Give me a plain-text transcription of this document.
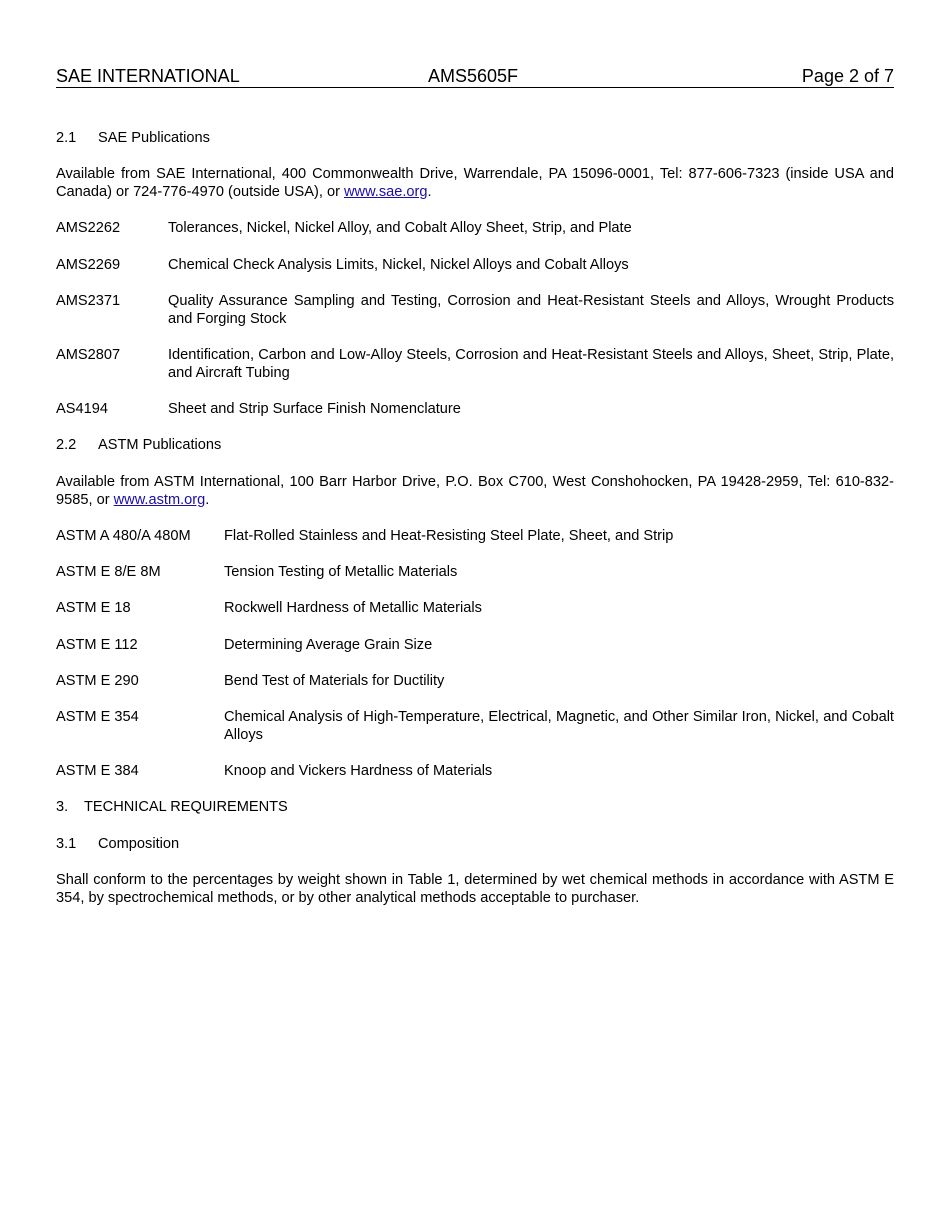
SAE INTERNATIONAL	AMS5605F	Page 2 of 7
2.1 SAE Publications
Available from SAE International, 400 Commonwealth Drive, Warrendale, PA 15096-0001, Tel: 877-606-7323 (inside USA and Canada) or 724-776-4970 (outside USA), or www.sae.org.
AMS2262	Tolerances, Nickel, Nickel Alloy, and Cobalt Alloy Sheet, Strip, and Plate
AMS2269	Chemical Check Analysis Limits, Nickel, Nickel Alloys and Cobalt Alloys
AMS2371	Quality Assurance Sampling and Testing, Corrosion and Heat-Resistant Steels and Alloys, Wrought Products and Forging Stock
AMS2807	Identification, Carbon and Low-Alloy Steels, Corrosion and Heat-Resistant Steels and Alloys, Sheet, Strip, Plate, and Aircraft Tubing
AS4194	Sheet and Strip Surface Finish Nomenclature
2.2 ASTM Publications
Available from ASTM International, 100 Barr Harbor Drive, P.O. Box C700, West Conshohocken, PA 19428-2959, Tel: 610-832-9585, or www.astm.org.
ASTM A 480/A 480M Flat-Rolled Stainless and Heat-Resisting Steel Plate, Sheet, and Strip
ASTM E 8/E 8M	Tension Testing of Metallic Materials
ASTM E 18	Rockwell Hardness of Metallic Materials
ASTM E 112	Determining Average Grain Size
ASTM E 290	Bend Test of Materials for Ductility
ASTM E 354	Chemical Analysis of High-Temperature, Electrical, Magnetic, and Other Similar Iron, Nickel, and Cobalt Alloys
ASTM E 384	Knoop and Vickers Hardness of Materials
3. TECHNICAL REQUIREMENTS
3.1 Composition
Shall conform to the percentages by weight shown in Table 1, determined by wet chemical methods in accordance with ASTM E 354, by spectrochemical methods, or by other analytical methods acceptable to purchaser.
